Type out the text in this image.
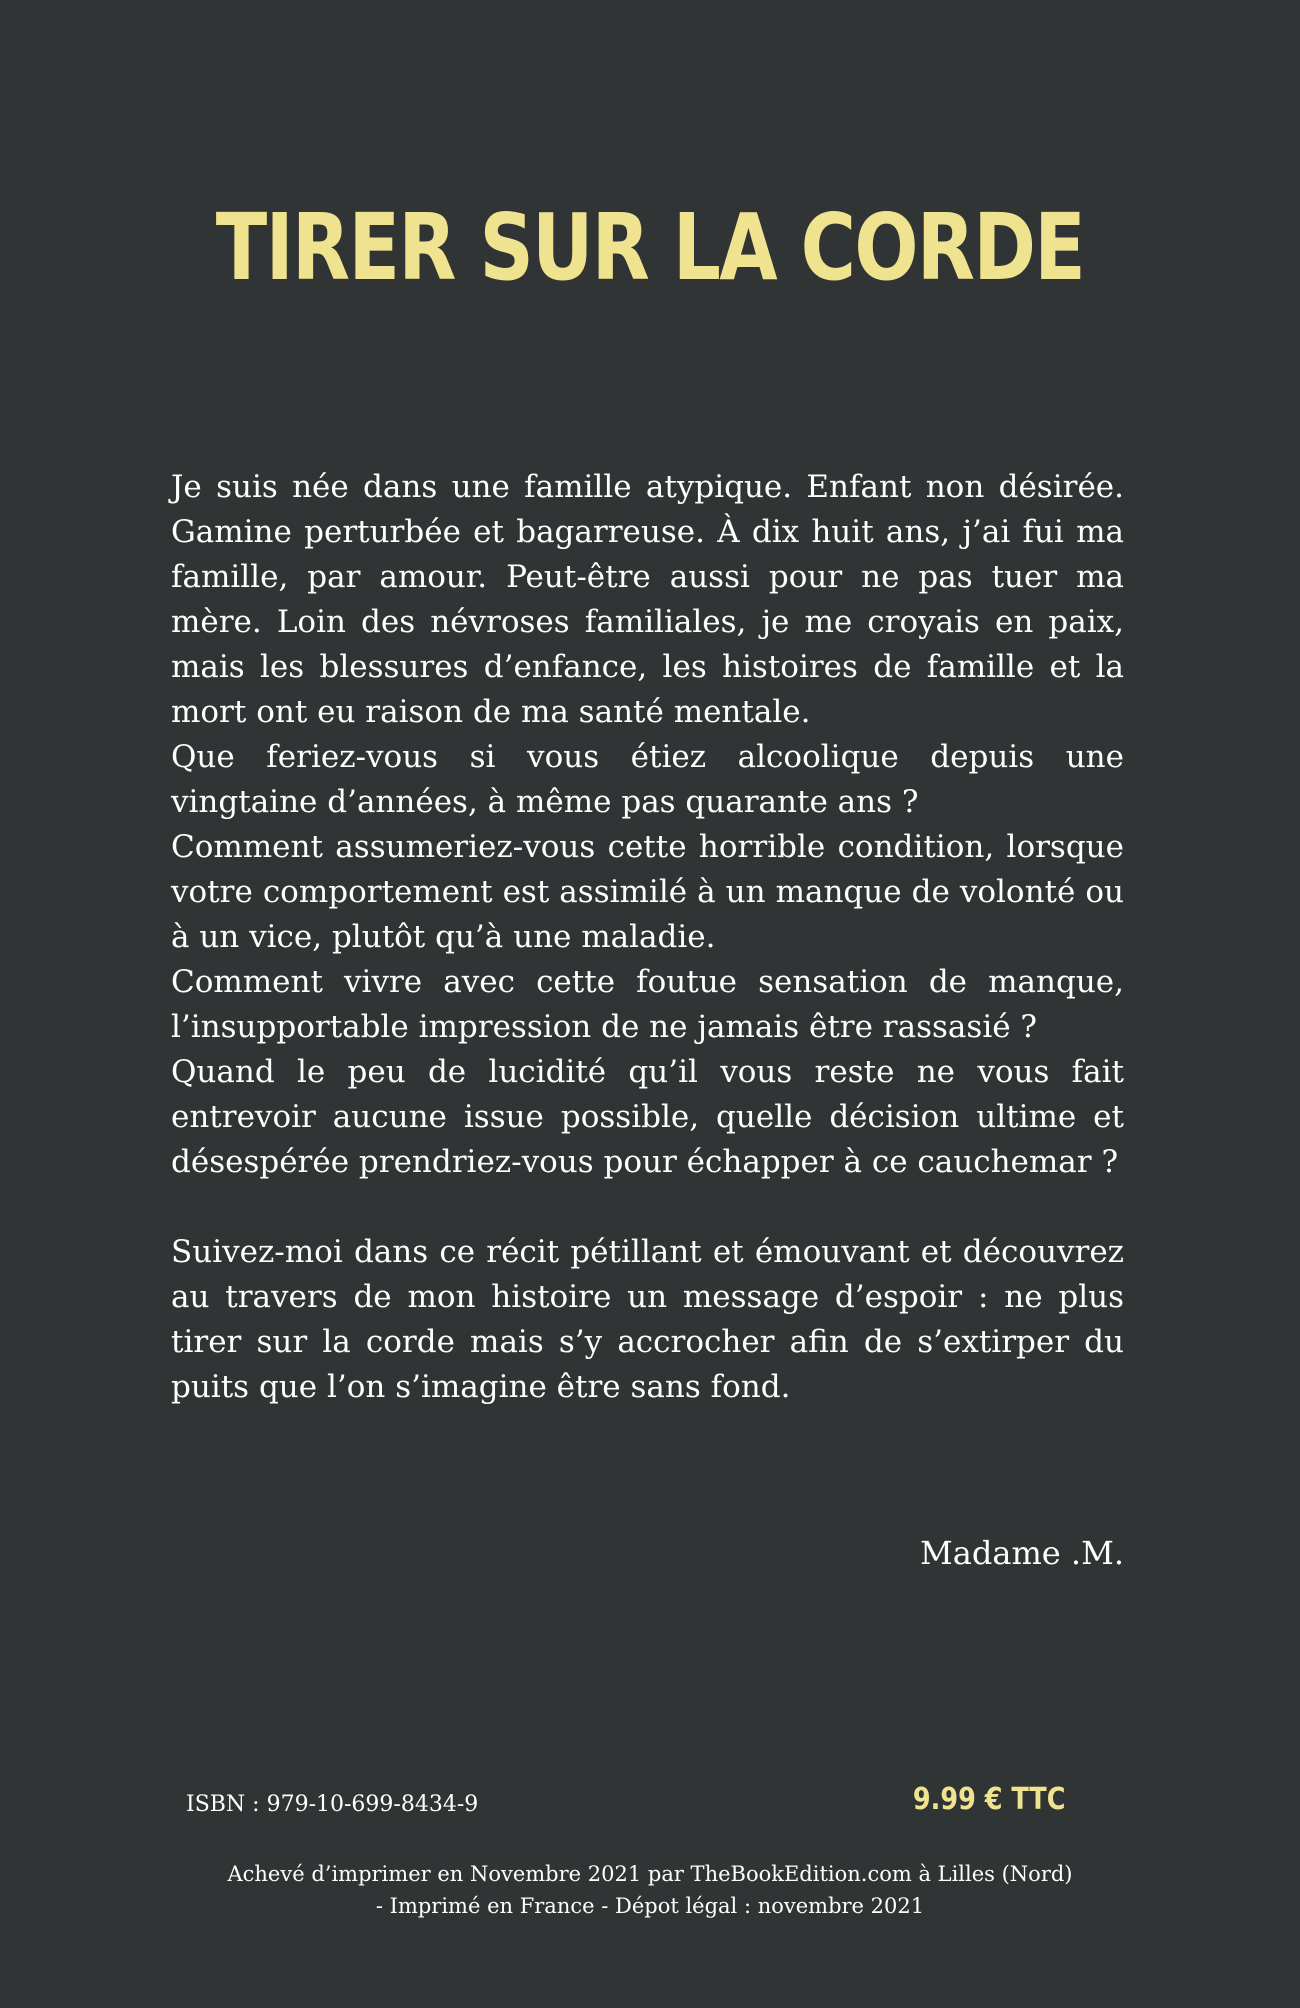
TIRER SUR LA CORDE

Je suis née dans une famille atypique. Enfant non désirée. Gamine perturbée et bagarreuse. À dix huit ans, j’ai fui ma famille, par amour. Peut-être aussi pour ne pas tuer ma mère. Loin des névroses familiales, je me croyais en paix, mais les blessures d’enfance, les histoires de famille et la mort ont eu raison de ma santé mentale.

Que feriez-vous si vous étiez alcoolique depuis une vingtaine d’années, à même pas quarante ans ?

Comment assumeriez-vous cette horrible condition, lorsque votre comportement est assimilé à un manque de volonté ou à un vice, plutôt qu’à une maladie.

Comment vivre avec cette foutue sensation de manque, l’insupportable impression de ne jamais être rassasié ?

Quand le peu de lucidité qu’il vous reste ne vous fait entrevoir aucune issue possible, quelle décision ultime et désespérée prendriez-vous pour échapper à ce cauchemar ?

Suivez-moi dans ce récit pétillant et émouvant et découvrez au travers de mon histoire un message d’espoir : ne plus tirer sur la corde mais s’y accrocher afin de s’extirper du puits que l’on s’imagine être sans fond.

Madame .M.

ISBN : 979-10-699-8434-9	9.99 € TTC

Achevé d’imprimer en Novembre 2021 par TheBookEdition.com à Lilles (Nord)
- Imprimé en France - Dépot légal : novembre 2021
